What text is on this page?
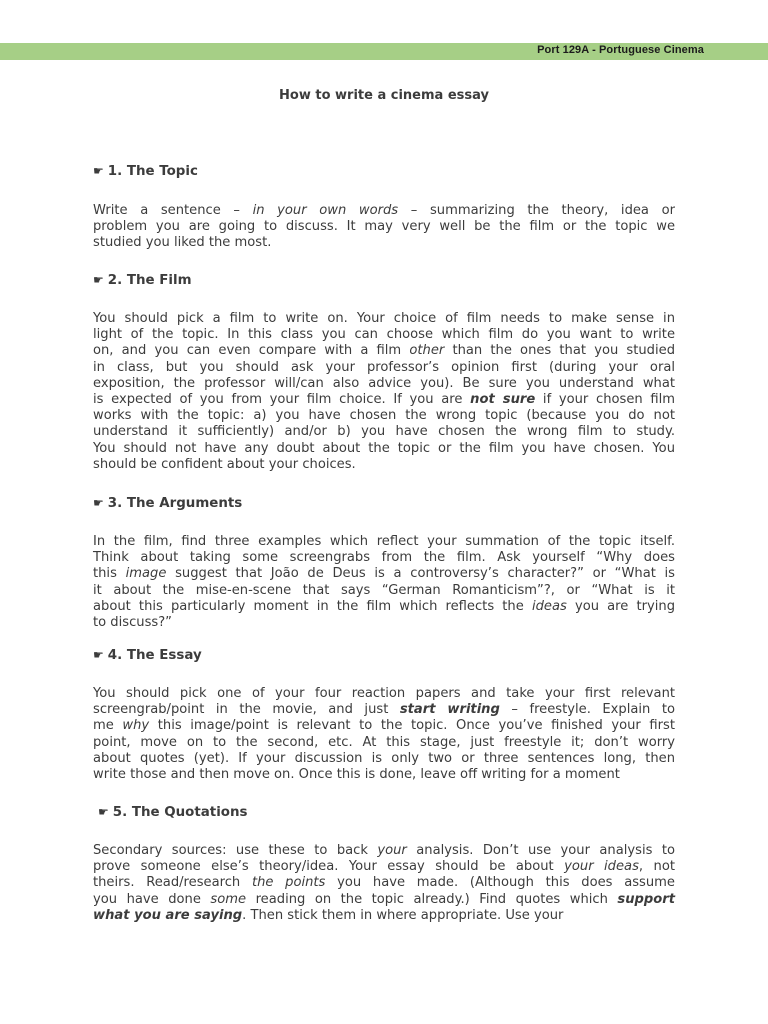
Port 129A - Portuguese Cinema
How to write a cinema essay
☛ 1. The Topic
Write a sentence – in your own words – summarizing the theory, idea or
problem you are going to discuss. It may very well be the film or the topic we
studied you liked the most.
☛ 2. The Film
You should pick a film to write on. Your choice of film needs to make sense in
light of the topic. In this class you can choose which film do you want to write
on, and you can even compare with a film other than the ones that you studied
in class, but you should ask your professor’s opinion first (during your oral
exposition, the professor will/can also advice you). Be sure you understand what
is expected of you from your film choice. If you are not sure if your chosen film
works with the topic: a) you have chosen the wrong topic (because you do not
understand it sufficiently) and/or b) you have chosen the wrong film to study.
You should not have any doubt about the topic or the film you have chosen. You
should be confident about your choices.
☛ 3. The Arguments
In the film, find three examples which reflect your summation of the topic itself.
Think about taking some screengrabs from the film. Ask yourself “Why does
this image suggest that João de Deus is a controversy’s character?” or “What is
it about the mise-en-scene that says “German Romanticism”?, or “What is it
about this particularly moment in the film which reflects the ideas you are trying
to discuss?”
☛ 4. The Essay
You should pick one of your four reaction papers and take your first relevant
screengrab/point in the movie, and just start writing – freestyle. Explain to
me why this image/point is relevant to the topic. Once you’ve finished your first
point, move on to the second, etc. At this stage, just freestyle it; don’t worry
about quotes (yet). If your discussion is only two or three sentences long, then
write those and then move on. Once this is done, leave off writing for a moment
☛ 5. The Quotations
Secondary sources: use these to back your analysis. Don’t use your analysis to
prove someone else’s theory/idea. Your essay should be about your ideas, not
theirs. Read/research the points you have made. (Although this does assume
you have done some reading on the topic already.) Find quotes which support
what you are saying. Then stick them in where appropriate. Use your
